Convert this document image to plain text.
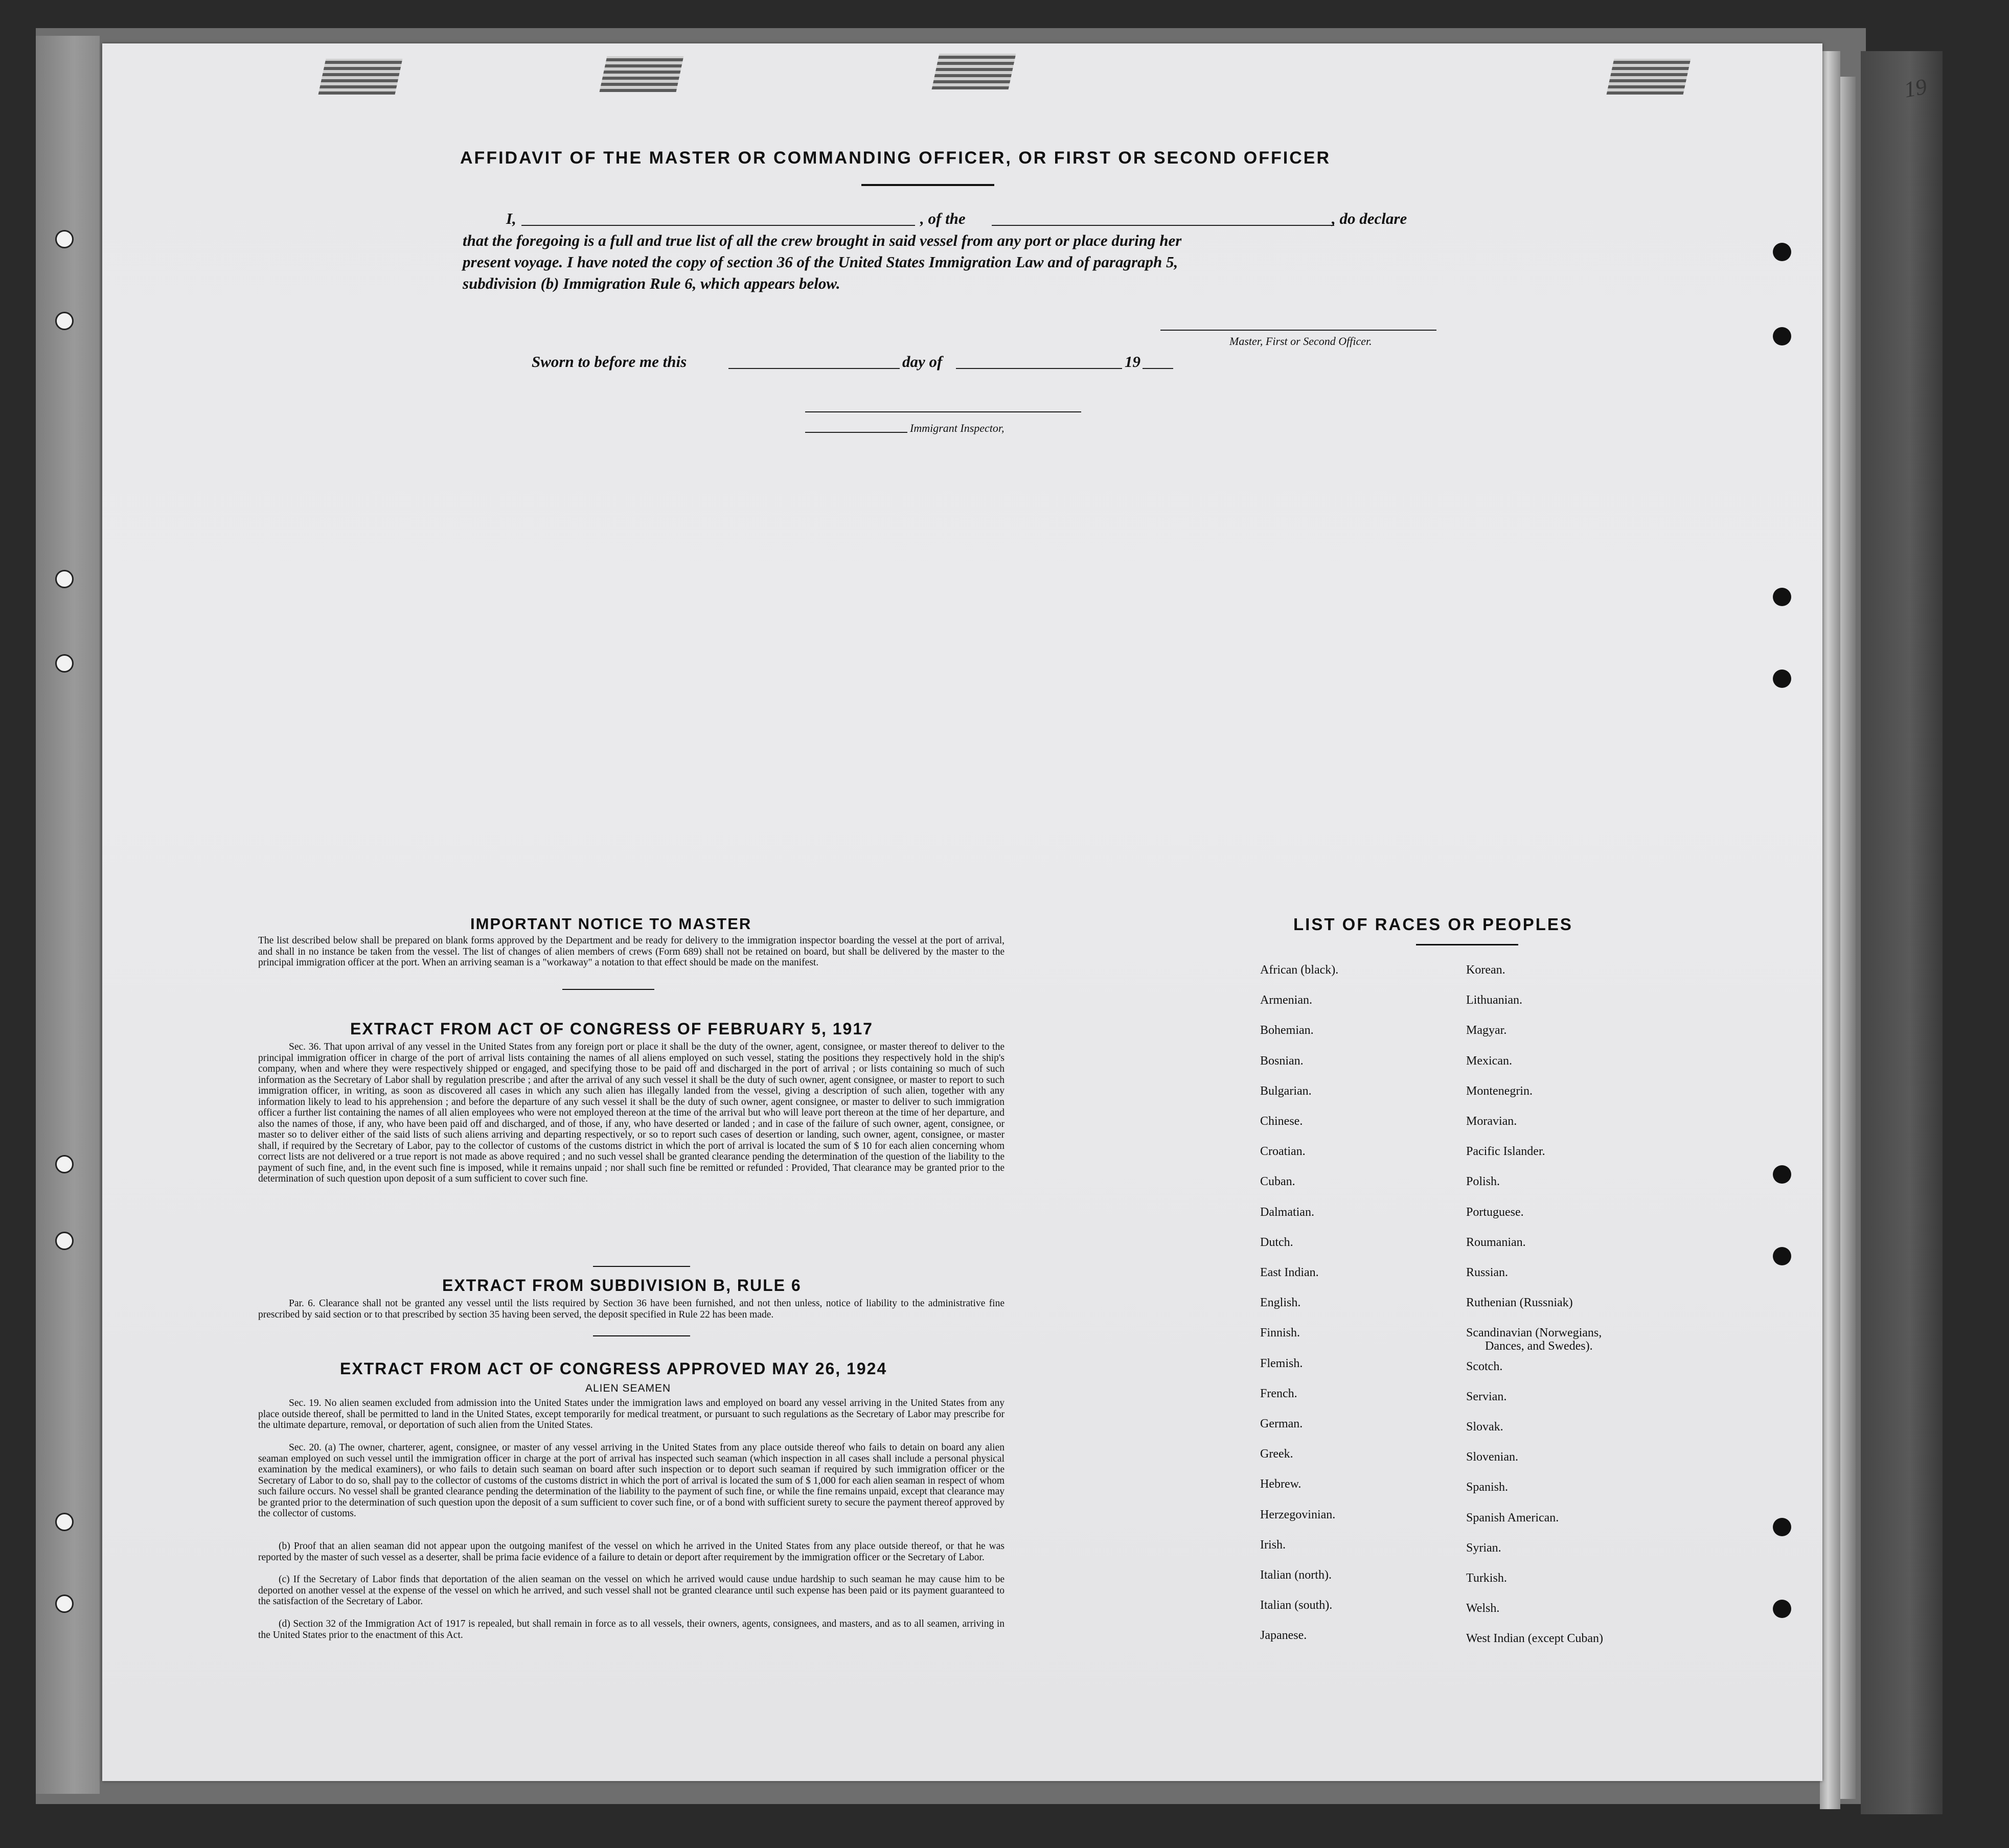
AFFIDAVIT OF THE MASTER OR COMMANDING OFFICER, OR FIRST OR SECOND OFFICER
I,	, of the	, do declare
that the foregoing is a full and true list of all the crew brought in said vessel from any port or place during her
present voyage. I have noted the copy of section 36 of the United States Immigration Law and of paragraph 5,
subdivision (b) Immigration Rule 6, which appears below.
Master, First or Second Officer.
Sworn to before me this	day of	19
Immigrant Inspector,
IMPORTANT NOTICE TO MASTER
The list described below shall be prepared on blank forms approved by the Department and be ready for delivery to the immigration inspector boarding the vessel at the port of arrival, and shall in no instance be taken from the vessel. The list of changes of alien members of crews (Form 689) shall not be retained on board, but shall be delivered by the master to the principal immigration officer at the port. When an arriving seaman is a "workaway" a notation to that effect should be made on the manifest.
EXTRACT FROM ACT OF CONGRESS OF FEBRUARY 5, 1917
Sec. 36. That upon arrival of any vessel in the United States from any foreign port or place it shall be the duty of the owner, agent, consignee, or master thereof to deliver to the principal immigration officer in charge of the port of arrival lists containing the names of all aliens employed on such vessel, stating the positions they respectively hold in the ship's company, when and where they were respectively shipped or engaged, and specifying those to be paid off and discharged in the port of arrival ; or lists containing so much of such information as the Secretary of Labor shall by regulation prescribe ; and after the arrival of any such vessel it shall be the duty of such owner, agent consignee, or master to report to such immigration officer, in writing, as soon as discovered all cases in which any such alien has illegally landed from the vessel, giving a description of such alien, together with any information likely to lead to his apprehension ; and before the departure of any such vessel it shall be the duty of such owner, agent consignee, or master to deliver to such immigration officer a further list containing the names of all alien employees who were not employed thereon at the time of the arrival but who will leave port thereon at the time of her departure, and also the names of those, if any, who have been paid off and discharged, and of those, if any, who have deserted or landed ; and in case of the failure of such owner, agent, consignee, or master so to deliver either of the said lists of such aliens arriving and departing respectively, or so to report such cases of desertion or landing, such owner, agent, consignee, or master shall, if required by the Secretary of Labor, pay to the collector of customs of the customs district in which the port of arrival is located the sum of $ 10 for each alien concerning whom correct lists are not delivered or a true report is not made as above required ; and no such vessel shall be granted clearance pending the determination of the question of the liability to the payment of such fine, and, in the event such fine is imposed, while it remains unpaid ; nor shall such fine be remitted or refunded : Provided, That clearance may be granted prior to the determination of such question upon deposit of a sum sufficient to cover such fine.
EXTRACT FROM SUBDIVISION B, RULE 6
Par. 6. Clearance shall not be granted any vessel until the lists required by Section 36 have been furnished, and not then unless, notice of liability to the administrative fine prescribed by said section or to that prescribed by section 35 having been served, the deposit specified in Rule 22 has been made.
EXTRACT FROM ACT OF CONGRESS APPROVED MAY 26, 1924
ALIEN SEAMEN
Sec. 19. No alien seamen excluded from admission into the United States under the immigration laws and employed on board any vessel arriving in the United States from any place outside thereof, shall be permitted to land in the United States, except temporarily for medical treatment, or pursuant to such regulations as the Secretary of Labor may prescribe for the ultimate departure, removal, or deportation of such alien from the United States.
Sec. 20. (a) The owner, charterer, agent, consignee, or master of any vessel arriving in the United States from any place outside thereof who fails to detain on board any alien seaman employed on such vessel until the immigration officer in charge at the port of arrival has inspected such seaman (which inspection in all cases shall include a personal physical examination by the medical examiners), or who fails to detain such seaman on board after such inspection or to deport such seaman if required by such immigration officer or the Secretary of Labor to do so, shall pay to the collector of customs of the customs district in which the port of arrival is located the sum of $ 1,000 for each alien seaman in respect of whom such failure occurs. No vessel shall be granted clearance pending the determination of the liability to the payment of such fine, or while the fine remains unpaid, except that clearance may be granted prior to the determination of such question upon the deposit of a sum sufficient to cover such fine, or of a bond with sufficient surety to secure the payment thereof approved by the collector of customs.
(b) Proof that an alien seaman did not appear upon the outgoing manifest of the vessel on which he arrived in the United States from any place outside thereof, or that he was reported by the master of such vessel as a deserter, shall be prima facie evidence of a failure to detain or deport after requirement by the immigration officer or the Secretary of Labor.
(c) If the Secretary of Labor finds that deportation of the alien seaman on the vessel on which he arrived would cause undue hardship to such seaman he may cause him to be deported on another vessel at the expense of the vessel on which he arrived, and such vessel shall not be granted clearance until such expense has been paid or its payment guaranteed to the satisfaction of the Secretary of Labor.
(d) Section 32 of the Immigration Act of 1917 is repealed, but shall remain in force as to all vessels, their owners, agents, consignees, and masters, and as to all seamen, arriving in the United States prior to the enactment of this Act.
LIST OF RACES OR PEOPLES
African (black).
Armenian.
Bohemian.
Bosnian.
Bulgarian.
Chinese.
Croatian.
Cuban.
Dalmatian.
Dutch.
East Indian.
English.
Finnish.
Flemish.
French.
German.
Greek.
Hebrew.
Herzegovinian.
Irish.
Italian (north).
Italian (south).
Japanese.
Korean.
Lithuanian.
Magyar.
Mexican.
Montenegrin.
Moravian.
Pacific Islander.
Polish.
Portuguese.
Roumanian.
Russian.
Ruthenian (Russniak)
Scandinavian (Norwegians,
Dances, and Swedes).
Scotch.
Servian.
Slovak.
Slovenian.
Spanish.
Spanish American.
Syrian.
Turkish.
Welsh.
West Indian (except Cuban)
19
